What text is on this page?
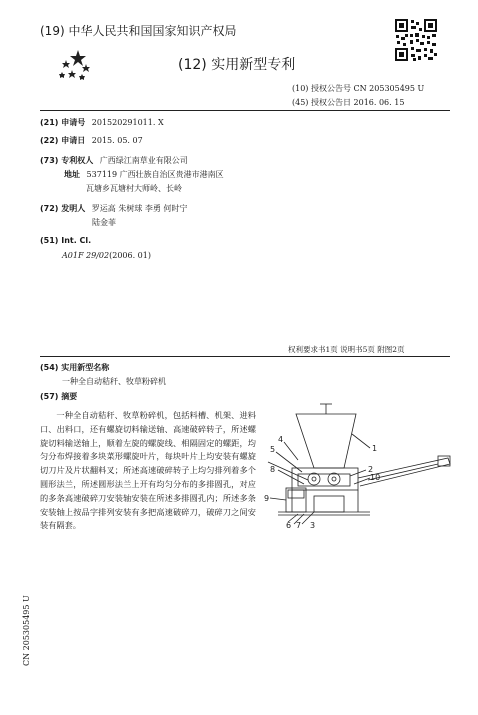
(19) 中华人民共和国国家知识产权局
(12) 实用新型专利
(10) 授权公告号 CN 205305495 U
(45) 授权公告日 2016. 06. 15
(21) 申请号 201520291011. X
(22) 申请日 2015. 05. 07
(73) 专利权人 广西绿江南草业有限公司
地址 537119 广西壮族自治区贵港市港南区
瓦塘乡瓦塘村大师岭、长岭
(72) 发明人 罗运高 朱树球 李勇 何时宁
陆金菲
(51) Int. Cl.
A01F 29/02(2006. 01)
权利要求书1页 说明书5页 附图2页
(54) 实用新型名称
一种全自动秸秆、牧草粉碎机
(57) 摘要
一种全自动秸秆、牧草粉碎机，包括料槽、机架、进料口、出料口，还有螺旋切料输送轴、高速破碎转子，所述螺旋切料输送轴上，顺着左旋的螺旋线、相隔固定的螺距，均匀分布焊接着多块菜形螺旋叶片，每块叶片上均安装有螺旋切刀片及片状翻料叉；所述高速破碎转子上均匀排列着多个圆形法兰，所述圆形法兰上开有均匀分布的多排圆孔，对应的多条高速破碎刀安装轴安装在所述多排圆孔内；所述多条安装轴上按品字排列安装有多把高速破碎刀，破碎刀之间安装有隔套。
1
2
3
4
5
6 7
8
9
10
CN 205305495 U
